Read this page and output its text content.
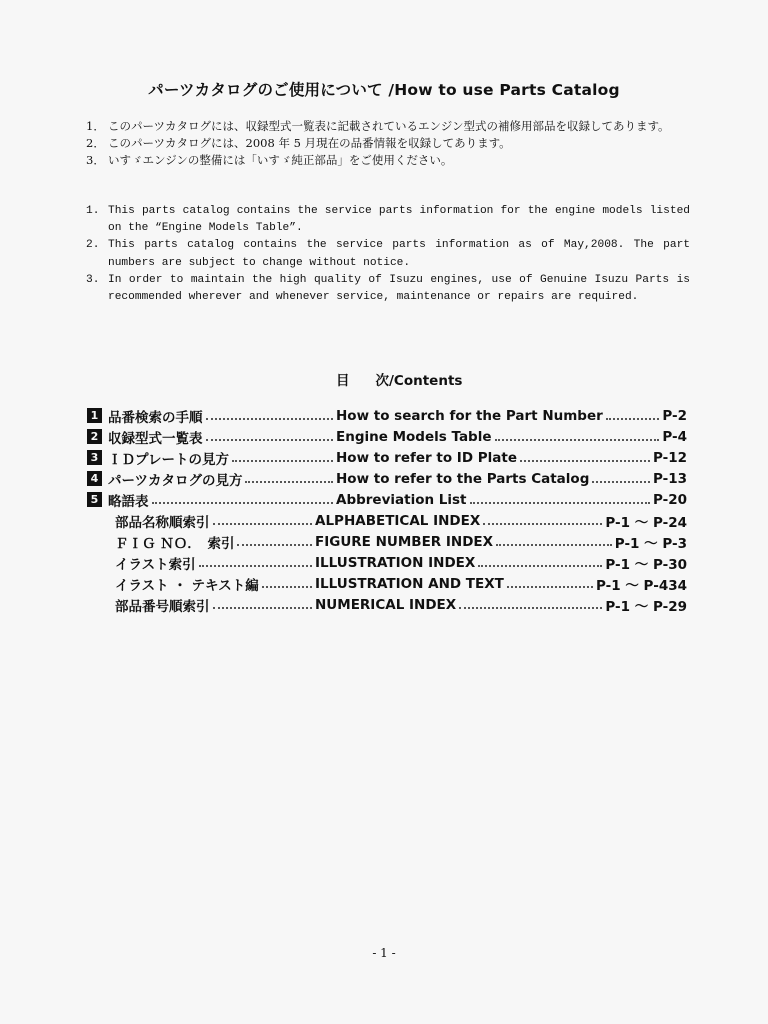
パーツカタログのご使用について /How to use Parts Catalog
1． このパーツカタログには、収録型式一覧表に記載されているエンジン型式の補修用部品を収録してあります。
2． このパーツカタログには、2008 年 5 月現在の品番情報を収録してあります。
3． いすゞエンジンの整備には「いすゞ純正部品」をご使用ください。

1. This parts catalog contains the service parts information for the engine models listed on the “Engine Models Table”.

2. This parts catalog contains the service parts information as of May,2008. The part numbers are subject to change without notice.

3. In order to maintain the high quality of Isuzu engines, use of Genuine Isuzu Parts is recommended wherever and whenever service, maintenance or repairs are required.

目 次/Contents
1 品番検索の手順	How to search for the Part Number	P-2
2 収録型式一覧表	Engine Models Table	P-4
3 ＩＤプレートの見方	How to refer to ID Plate	P-12
4 パーツカタログの見方	How to refer to the Parts Catalog	P-13
5 略語表	Abbreviation List	P-20
部品名称順索引	ALPHABETICAL INDEX	P-1 ～ P-24
ＦＩＧ ＮＯ．　索引	FIGURE NUMBER INDEX	P-1 ～ P-3
イラスト索引	ILLUSTRATION INDEX	P-1 ～ P-30
イラスト ・ テキスト編	ILLUSTRATION AND TEXT	P-1 ～ P-434
部品番号順索引	NUMERICAL INDEX	P-1 ～ P-29
- 1 -
